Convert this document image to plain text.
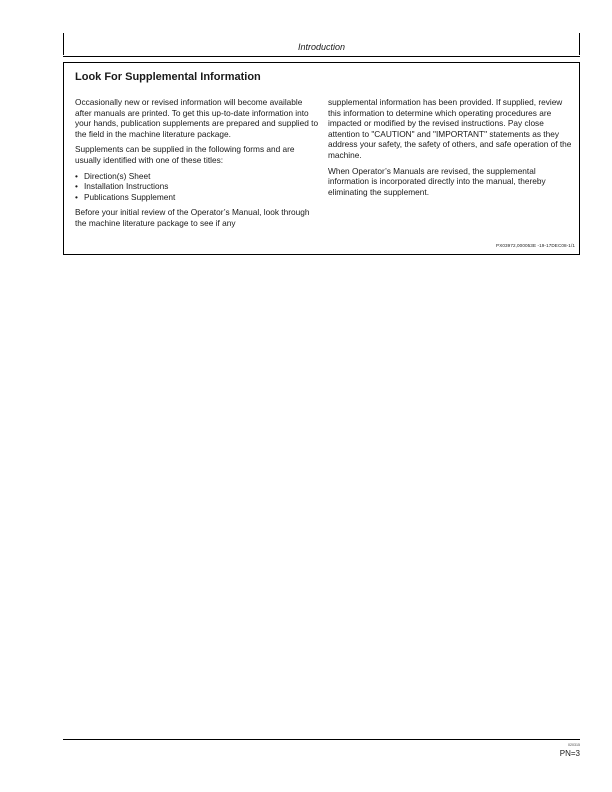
Introduction
Look For Supplemental Information

Occasionally new or revised information will become available after manuals are printed. To get this up-to-date information into your hands, publication supplements are prepared and supplied to the field in the machine literature package.

Supplements can be supplied in the following forms and are usually identified with one of these titles:

• Direction(s) Sheet
• Installation Instructions
• Publications Supplement

Before your initial review of the Operator’s Manual, look through the machine literature package to see if any

supplemental information has been provided. If supplied, review this information to determine which operating procedures are impacted or modified by the revised instructions. Pay close attention to "CAUTION" and "IMPORTANT" statements as they address your safety, the safety of others, and safe operation of the machine.

When Operator’s Manuals are revised, the supplemental information is incorporated directly into the manual, thereby eliminating the supplement.

PX03972,000053E -19-17DEC08-1/1
020315
PN=3
